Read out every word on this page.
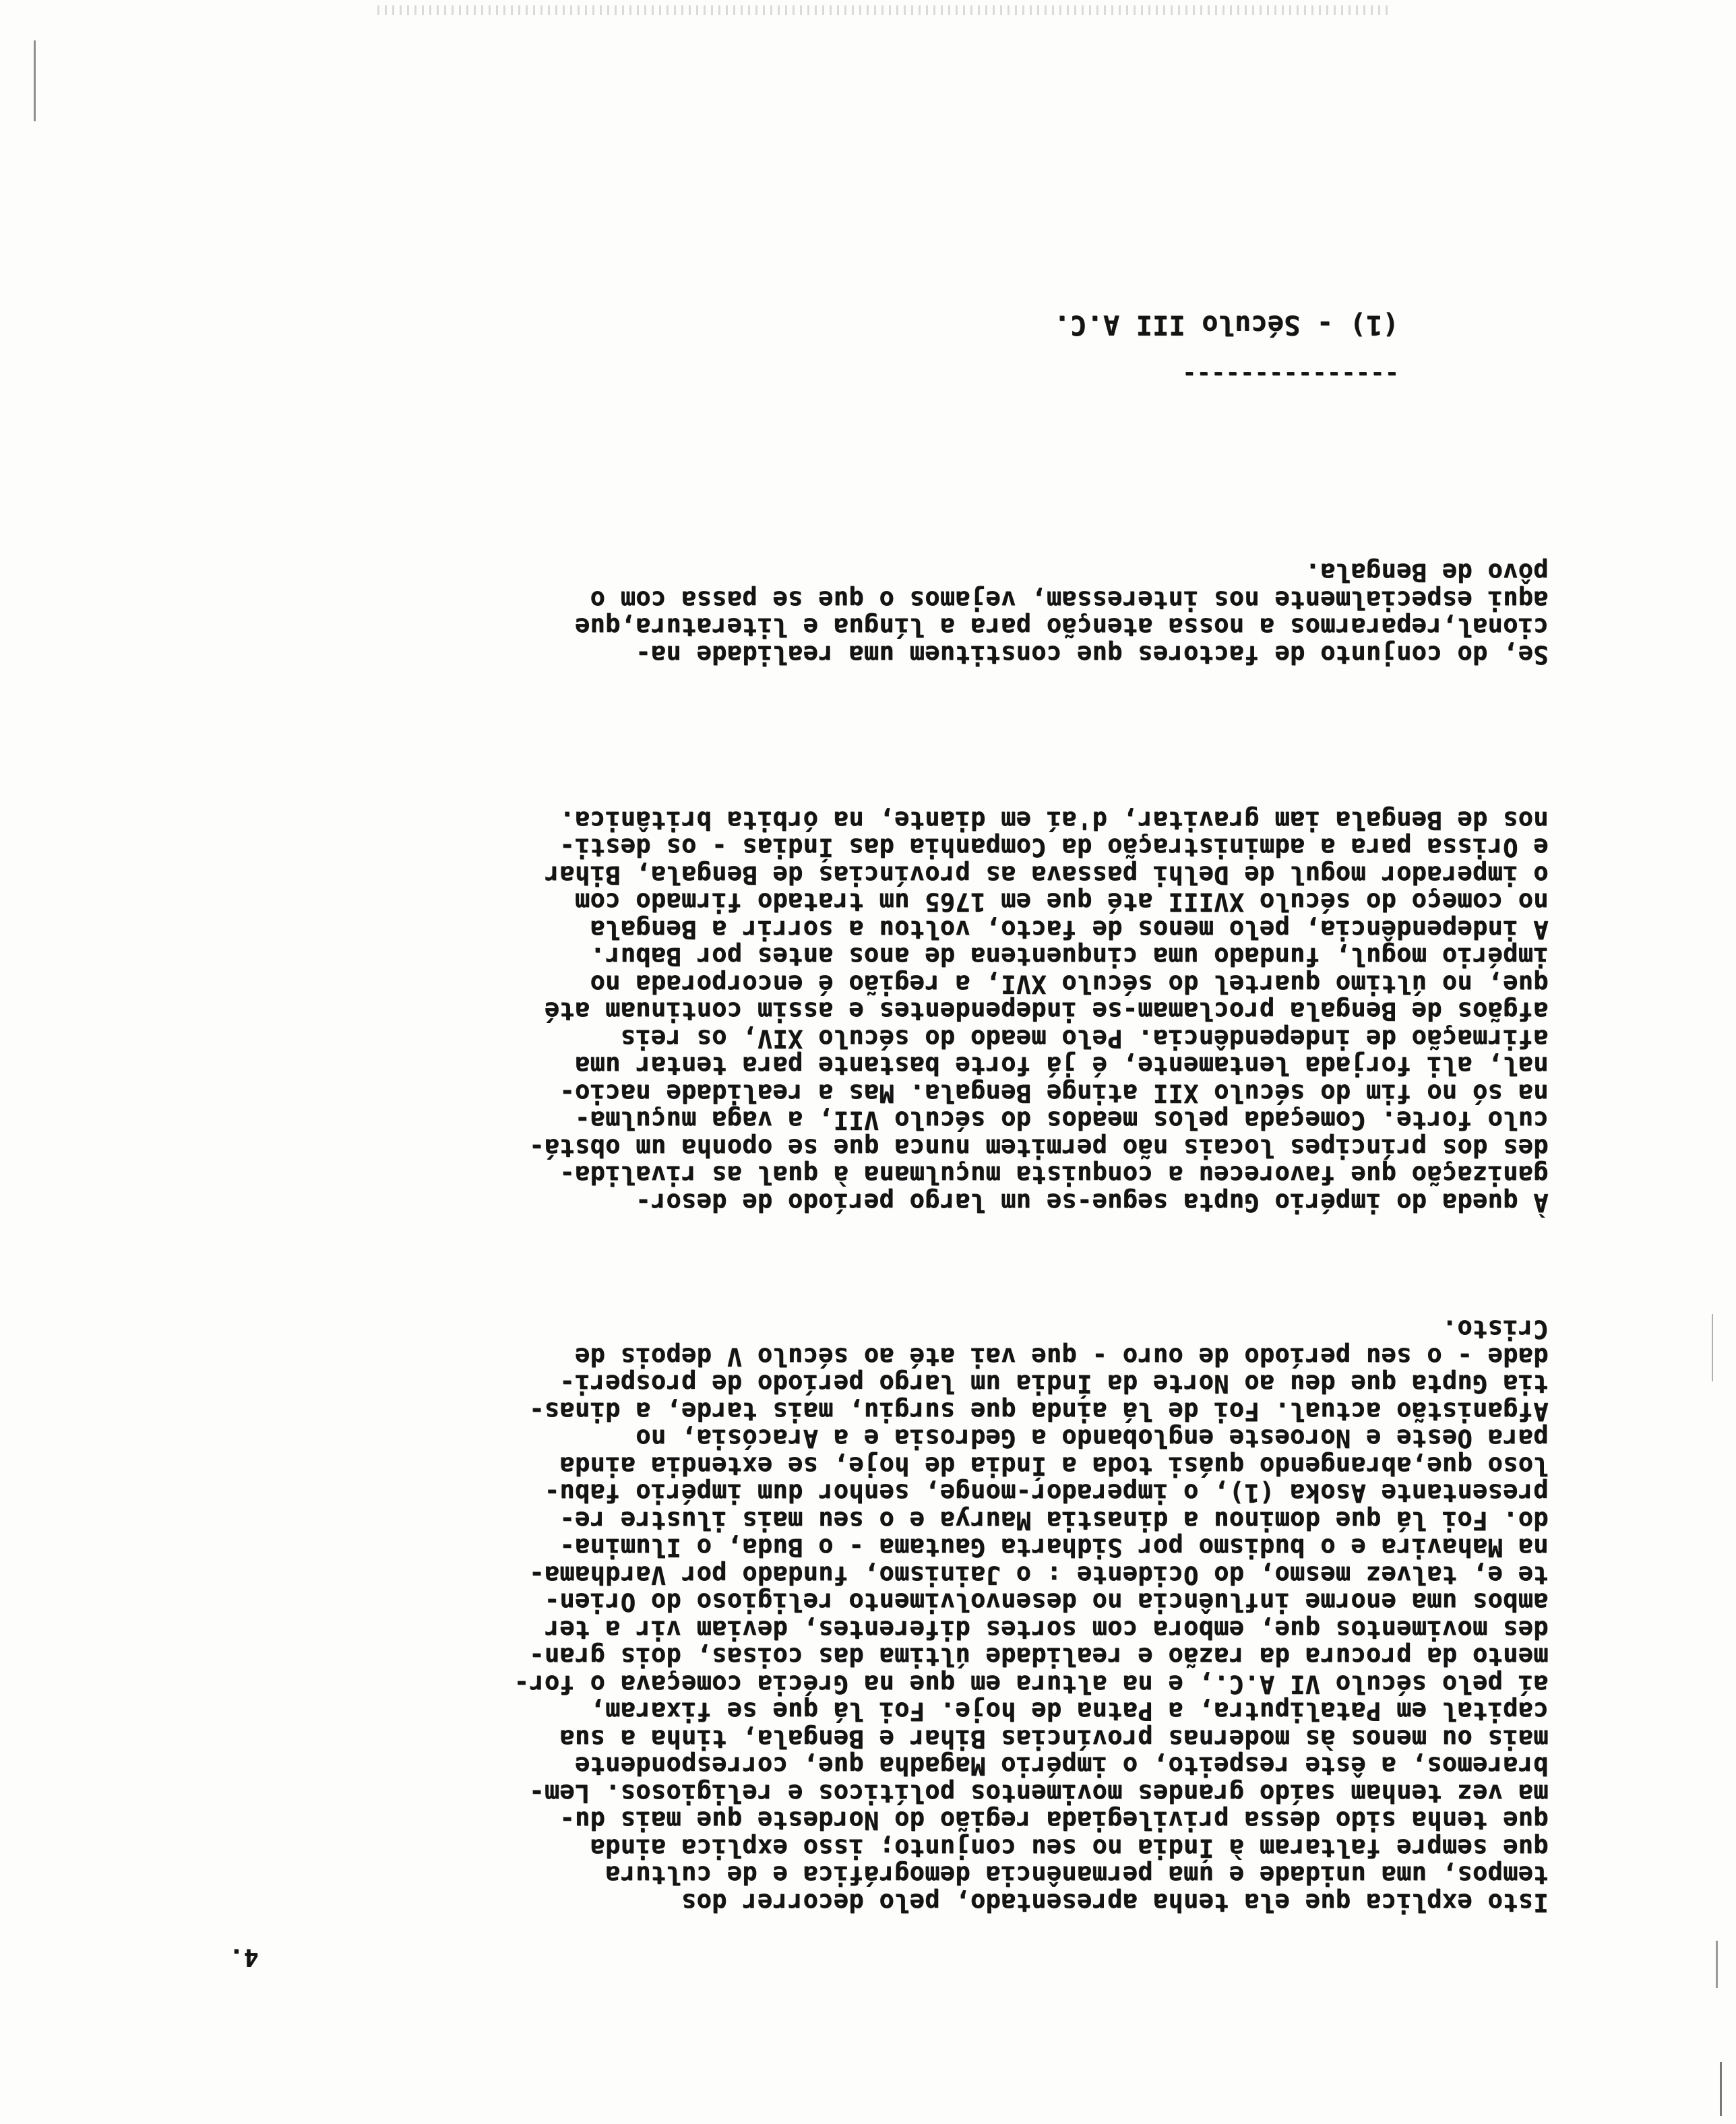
4.
Isto explica que ela tenha apresentado, pelo decorrer dos
tempos, uma unidade e uma permanência demográfica e de cultura
que sempre faltaram à Índia no seu conjunto; isso explica ainda
que tenha sido dessa privilegiada região do Nordeste que mais du-
ma vez tenham saído grandes movimentos políticos e religiosos. Lem-
braremos, a êste respeito, o império Magadha que, correspondente
mais ou menos às modernas províncias Bihar e Bengala, tinha a sua
capital em Pataliputra, a Patna de hoje. Foi lá que se fixaram,
aí pelo século VI A.C., e na altura em que na Grécia começava o for-
mento da procura da razão e realidade última das coisas, dois gran-
des movimentos que, embora com sortes diferentes, deviam vir a ter
ambos uma enorme influência no desenvolvimento religioso do Orien-
te e, talvez mesmo, do Ocidente : o Jainismo, fundado por Vardhama-
na Mahavira e o budismo por Sidharta Gautama - o Buda, o Ilumina-
do. Foi lá que dominou a dinastia Maurya e o seu mais ilustre re-
presentante Asoka (1), o imperador-monge, senhor dum império fabu-
loso que,abrangendo quási toda a Índia de hoje, se extendia ainda
para Oeste e Noroeste englobando a Gedrosia e a Aracósia, no
Afganistão actual. Foi de lá ainda que surgiu, mais tarde, a dinas-
tia Gupta que deu ao Norte da Índia um largo período de prosperi-
dade - o seu período de ouro - que vai até ao século V depois de
Cristo.
À queda do império Gupta segue-se um largo período de desor-
ganização que favoreceu a conquista muçulmana à qual as rivalida-
des dos príncipes locais não permitem nunca que se oponha um obstá-
culo forte. Começada pelos meados do século VII, a vaga muçulma-
na só no fim do século XII atinge Bengala. Mas a realidade nacio-
nal, ali forjada lentamente, é já forte bastante para tentar uma
afirmação de independência. Pelo meado do século XIV, os reis
afgãos de Bengala proclamam-se independentes e assim continuam até
que, no último quartel do século XVI, a região é encorporada no
império mogul, fundado uma cinquentena de anos antes por Babur.
A independência, pelo menos de facto, voltou a sorrir a Bengala
no começo do século XVIII até que em 1765 um tratado firmado com
o imperador mogul de Delhi passava as províncias de Bengala, Bihar
e Orissa para a administração da Companhia das Índias - os desti-
nos de Bengala iam gravitar, d'aí em diante, na órbita britânica.
Se, do conjunto de factores que constituem uma realidade na-
cional,repararmos a nossa atenção para a língua e literatura,que
aqui especialmente nos interessam, vejamos o que se passa com o
pôvo de Bengala.
---------------
(1) - Século III A.C.
